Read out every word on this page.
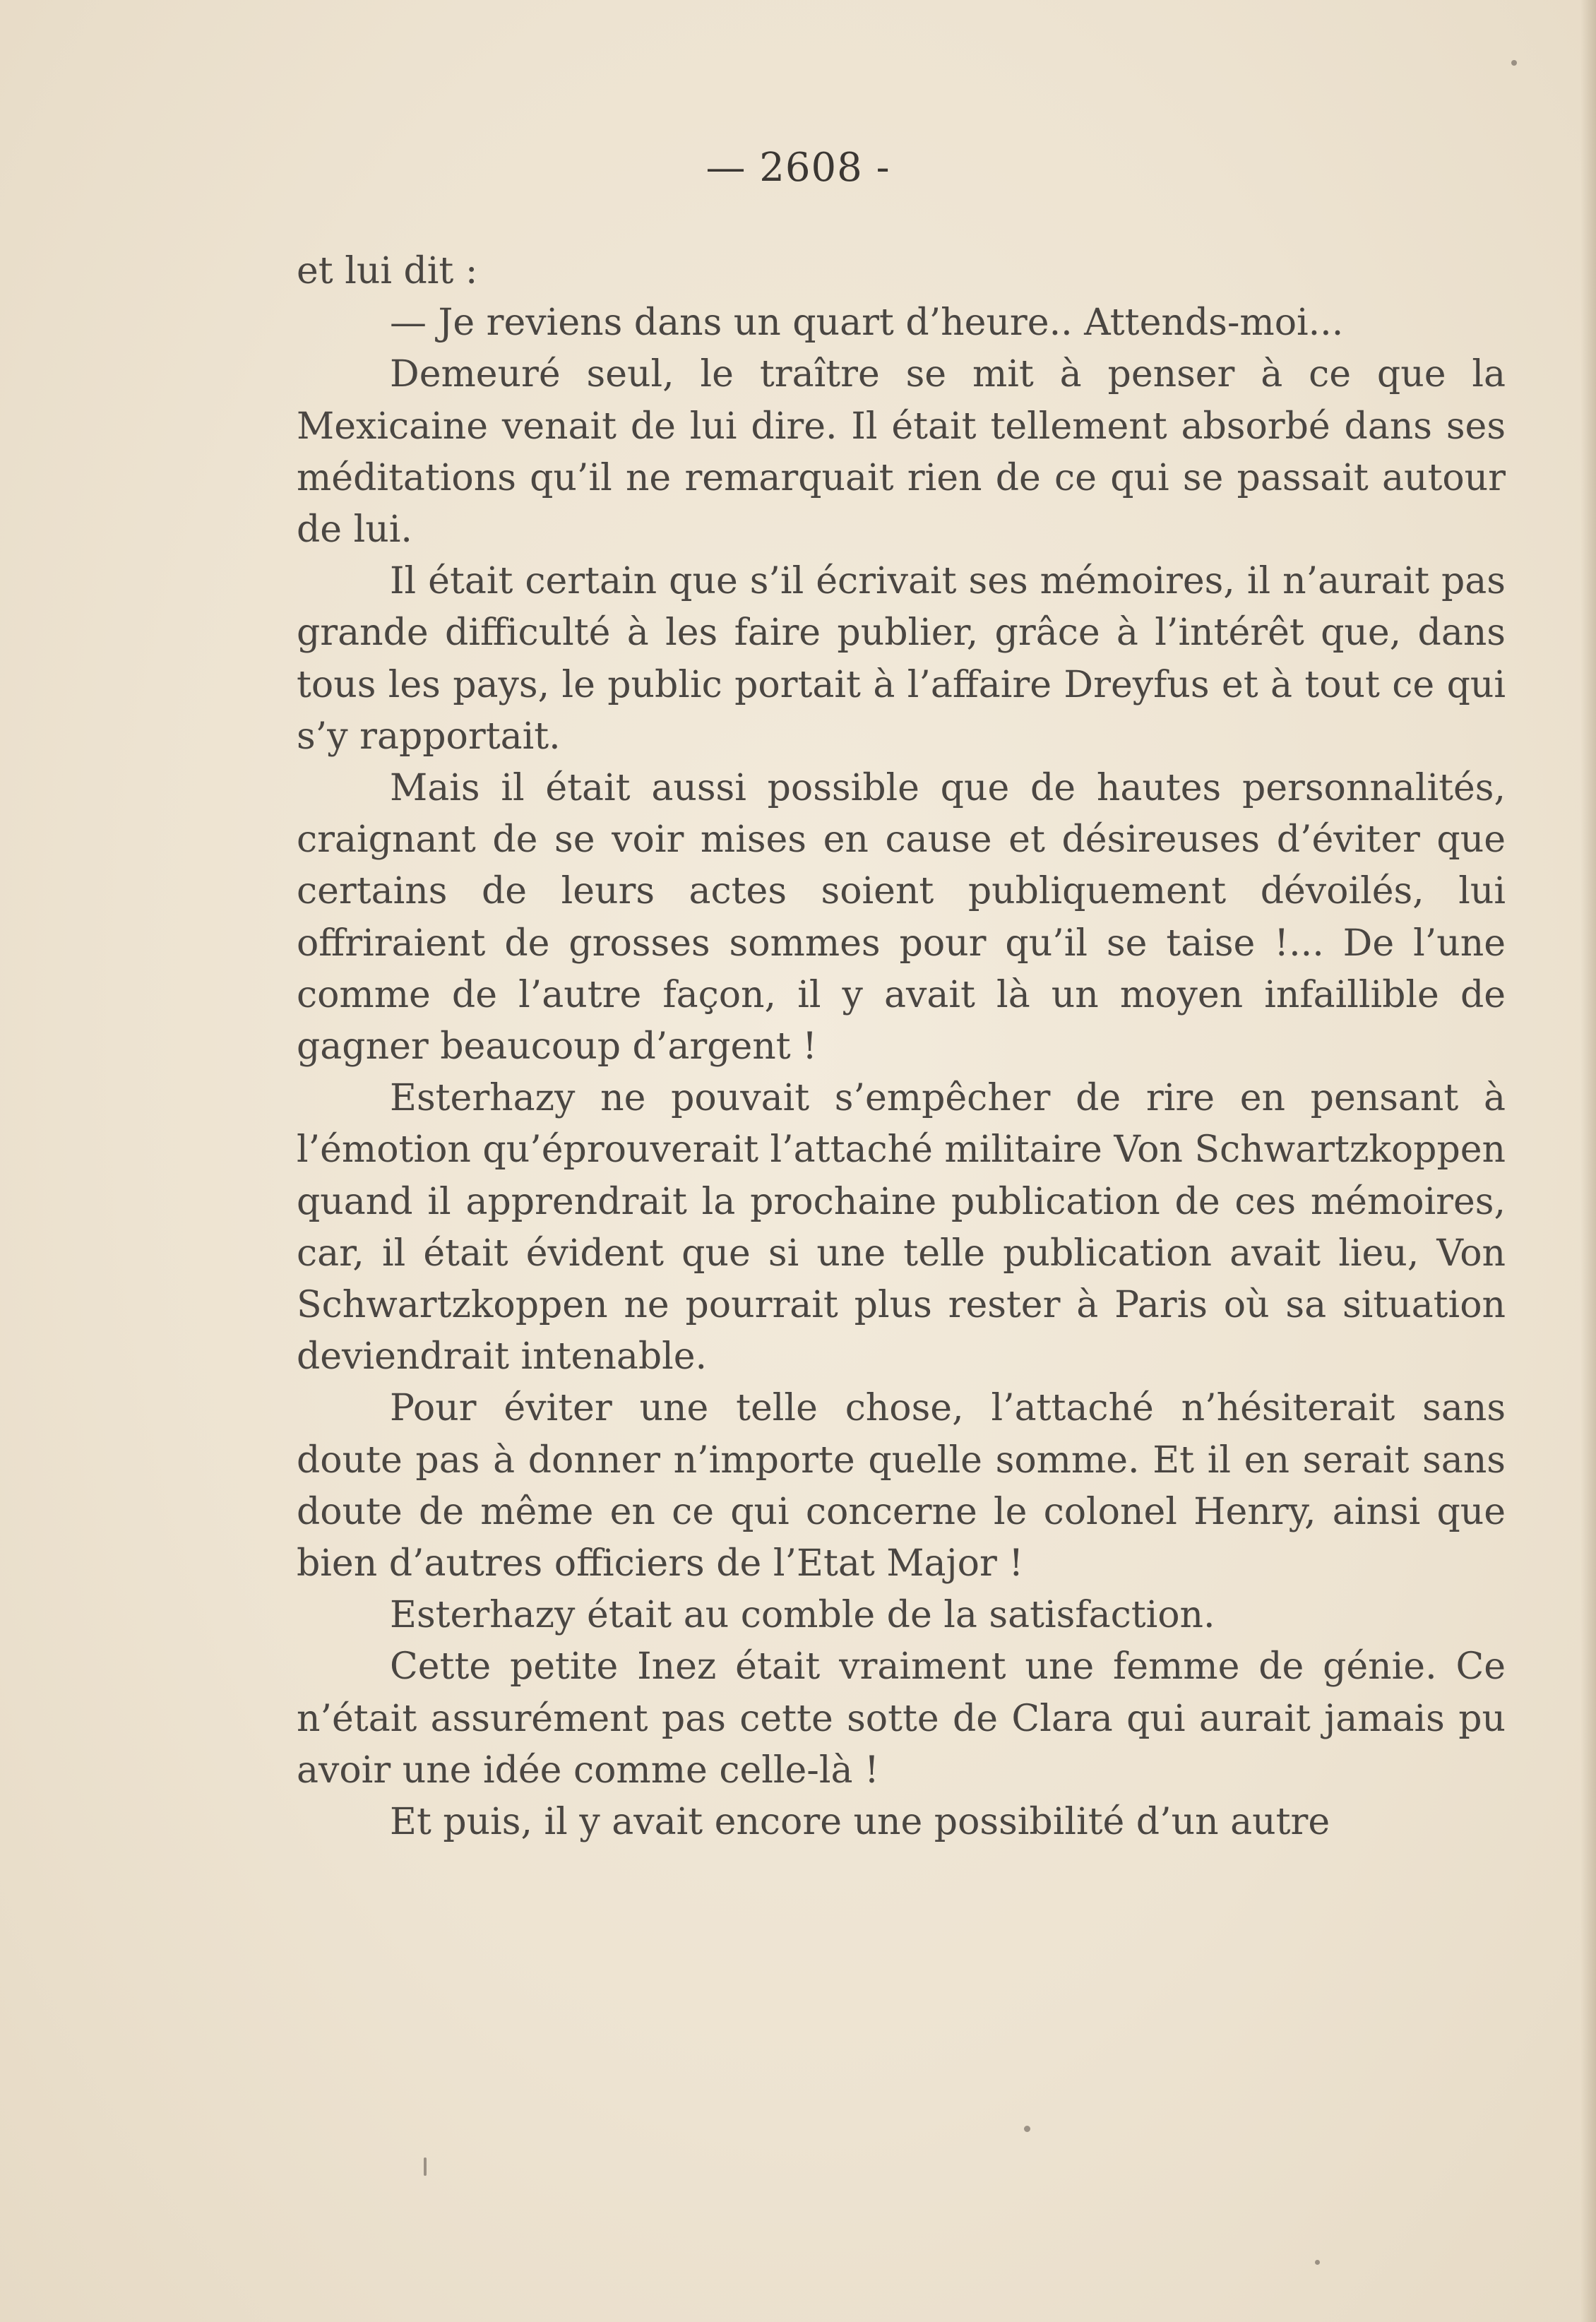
— 2608 -

et lui dit :

— Je reviens dans un quart d’heure.. Attends-moi...

Demeuré seul, le traître se mit à penser à ce que la Mexicaine venait de lui dire. Il était tellement absorbé dans ses méditations qu’il ne remarquait rien de ce qui se passait autour de lui.

Il était certain que s’il écrivait ses mémoires, il n’aurait pas grande difficulté à les faire publier, grâce à l’intérêt que, dans tous les pays, le public portait à l’affaire Dreyfus et à tout ce qui s’y rapportait.

Mais il était aussi possible que de hautes personnalités, craignant de se voir mises en cause et désireuses d’éviter que certains de leurs actes soient publiquement dévoilés, lui offriraient de grosses sommes pour qu’il se taise !... De l’une comme de l’autre façon, il y avait là un moyen infaillible de gagner beaucoup d’argent !

Esterhazy ne pouvait s’empêcher de rire en pensant à l’émotion qu’éprouverait l’attaché militaire Von Schwartzkoppen quand il apprendrait la prochaine publication de ces mémoires, car, il était évident que si une telle publication avait lieu, Von Schwartzkoppen ne pourrait plus rester à Paris où sa situation deviendrait intenable.

Pour éviter une telle chose, l’attaché n’hésiterait sans doute pas à donner n’importe quelle somme. Et il en serait sans doute de même en ce qui concerne le colonel Henry, ainsi que bien d’autres officiers de l’Etat Major !

Esterhazy était au comble de la satisfaction.

Cette petite Inez était vraiment une femme de génie. Ce n’était assurément pas cette sotte de Clara qui aurait jamais pu avoir une idée comme celle-là !

Et puis, il y avait encore une possibilité d’un autre
